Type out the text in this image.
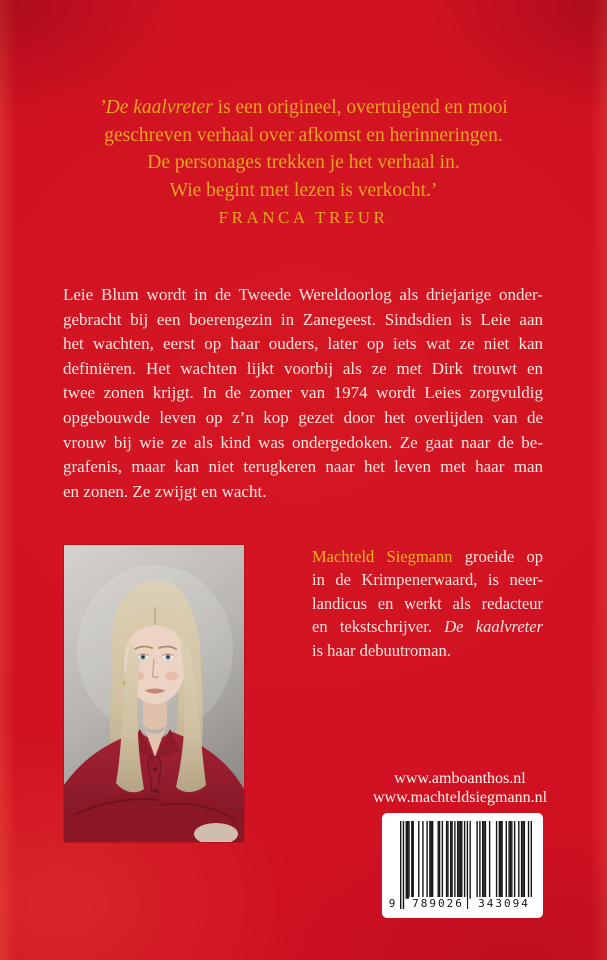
’De kaalvreter is een origineel, overtuigend en mooi

geschreven verhaal over afkomst en herinneringen.

De personages trekken je het verhaal in.

Wie begint met lezen is verkocht.’

FRANCA TREUR

Leie Blum wordt in de Tweede Wereldoorlog als driejarige onder-
gebracht bij een boerengezin in Zanegeest. Sindsdien is Leie aan
het wachten, eerst op haar ouders, later op iets wat ze niet kan
definiëren. Het wachten lijkt voorbij als ze met Dirk trouwt en
twee zonen krijgt. In de zomer van 1974 wordt Leies zorgvuldig
opgebouwde leven op z’n kop gezet door het overlijden van de
vrouw bij wie ze als kind was ondergedoken. Ze gaat naar de be-
grafenis, maar kan niet terugkeren naar het leven met haar man
en zonen. Ze zwijgt en wacht.
Machteld Siegmann groeide op
in de Krimpenerwaard, is neer-
landicus en werkt als redacteur
en tekstschrijver. De kaalvreter
is haar debuutroman.
www.amboanthos.nl
www.machteldsiegmann.nl
9	789026 343094
